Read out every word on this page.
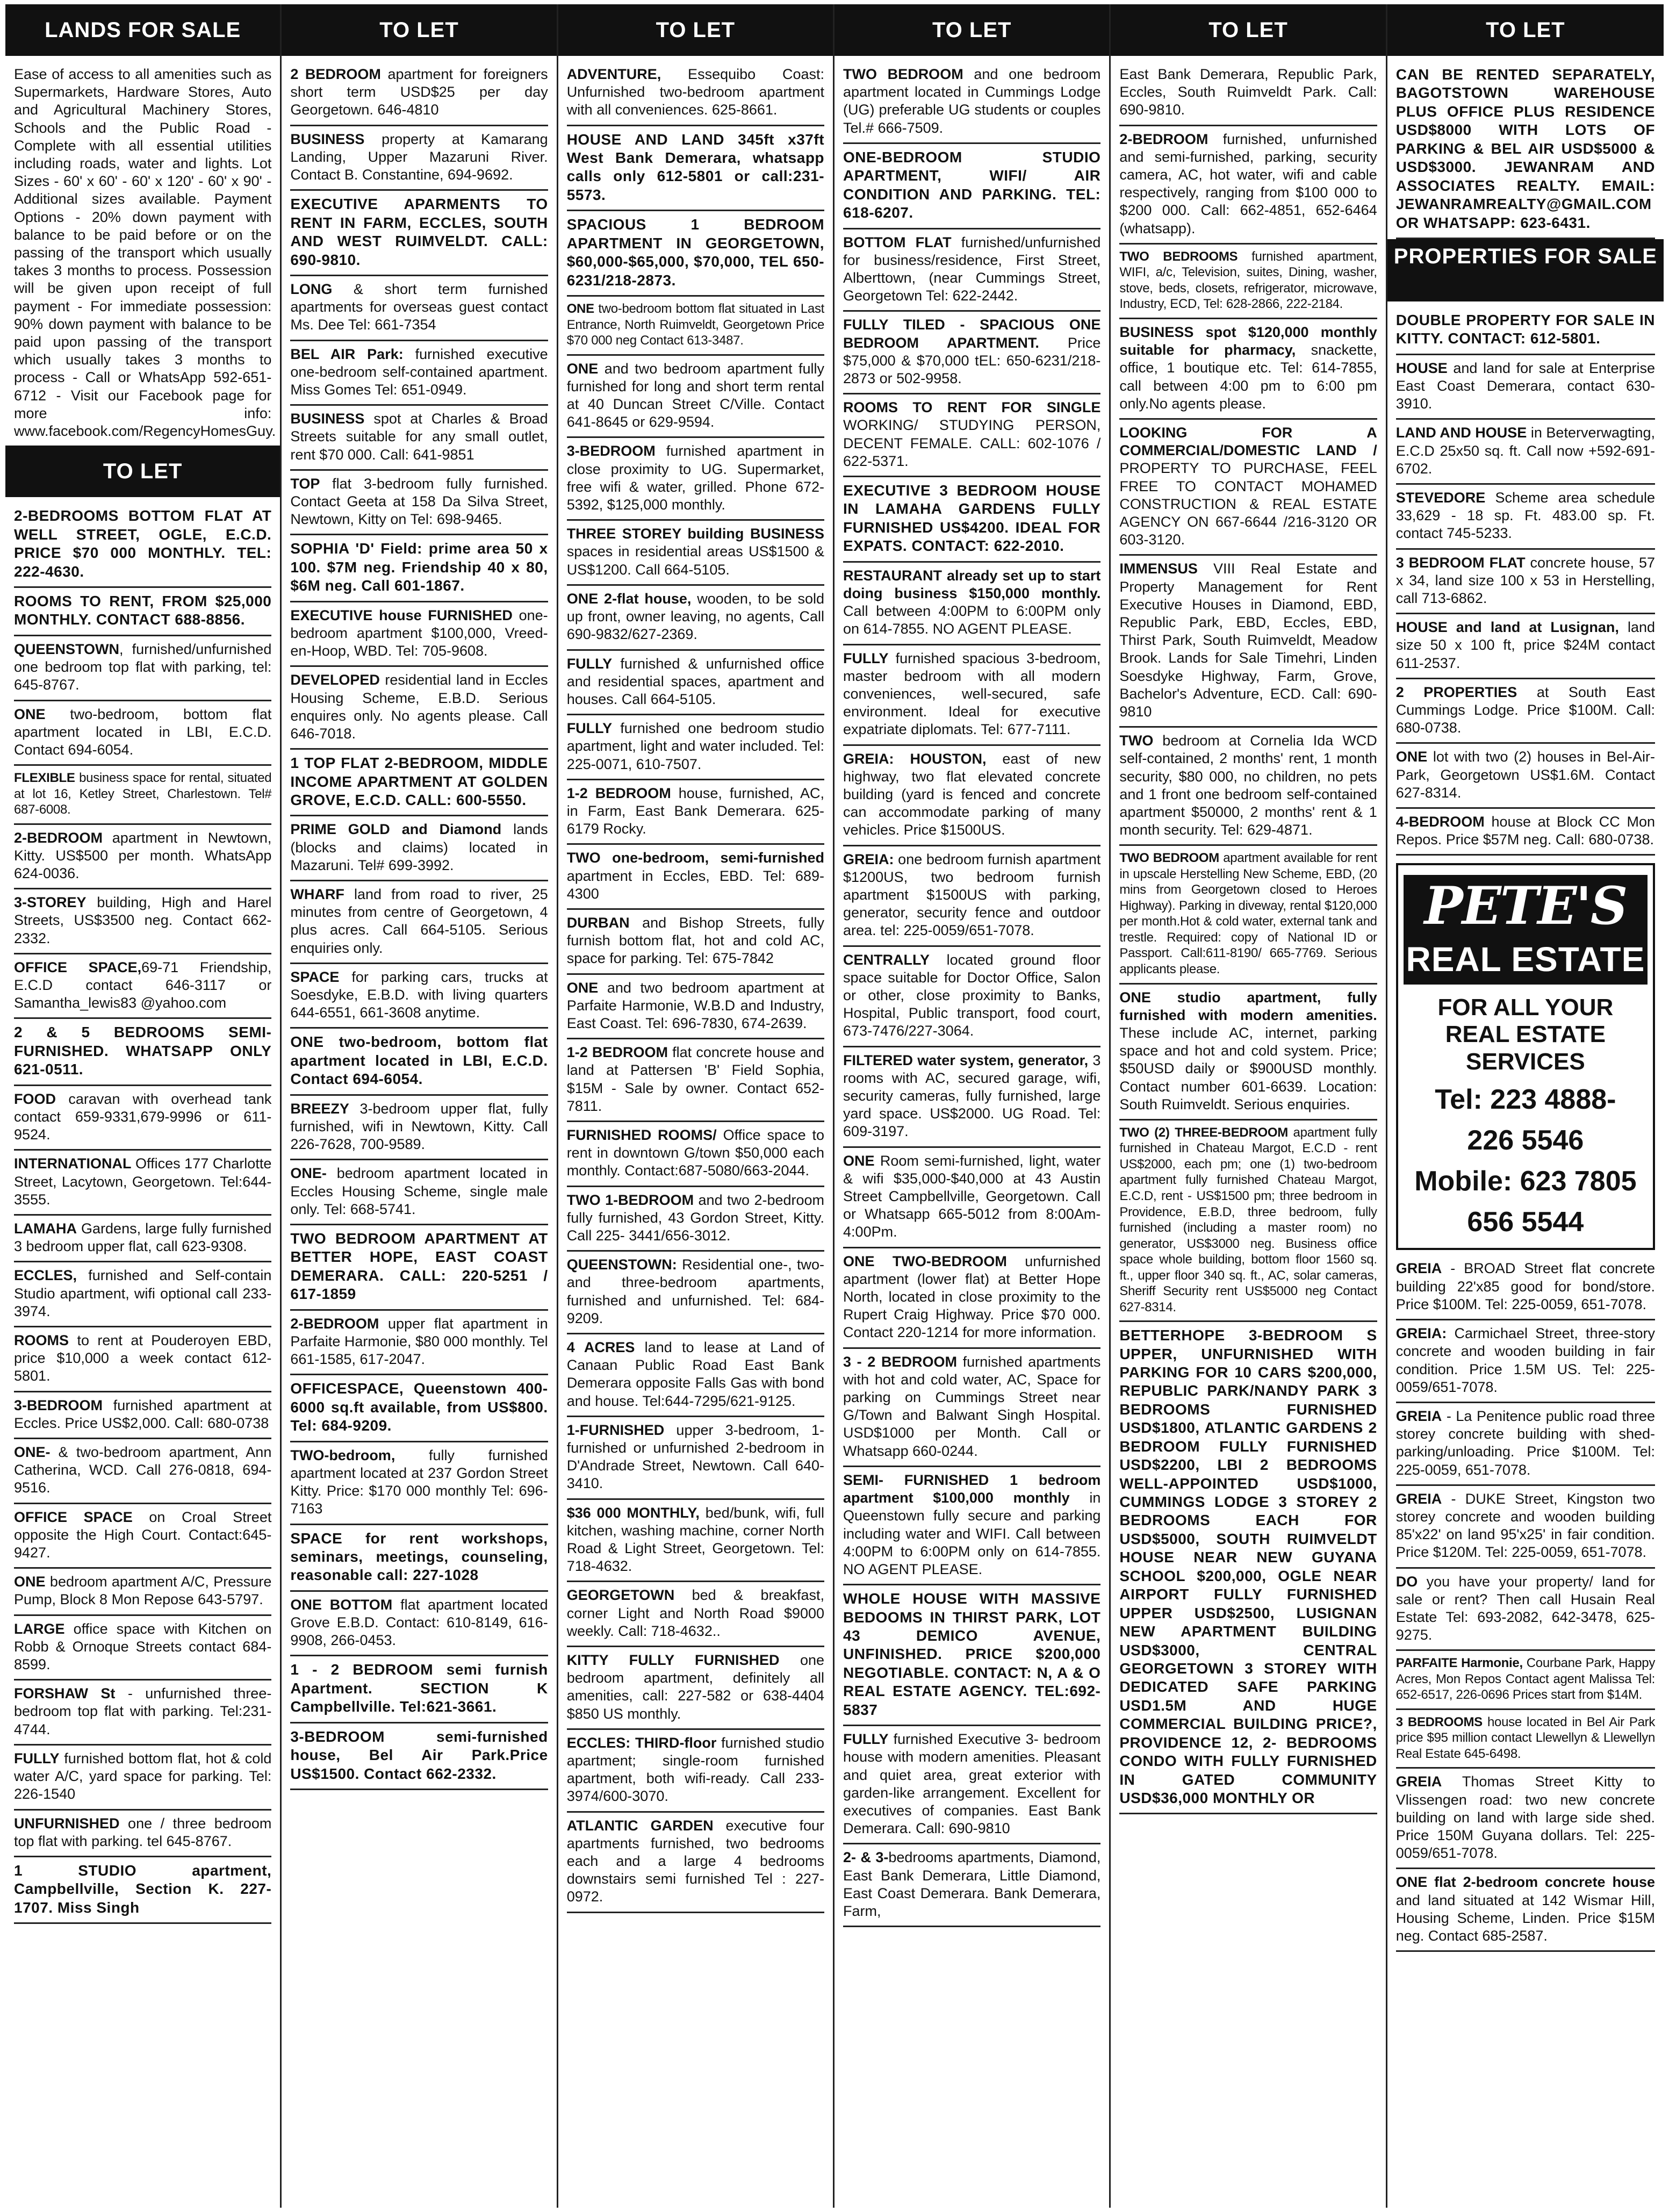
LANDS FOR SALE
Ease of access to all amenities such as Supermarkets, Hardware Stores, Auto and Agricultural Machinery Stores, Schools and the Public Road - Complete with all essential utilities including roads, water and lights. Lot Sizes - 60' x 60' - 60' x 120' - 60' x 90' - Additional sizes available. Payment Options - 20% down payment with balance to be paid before or on the passing of the transport which usually takes 3 months to process. Possession will be given upon receipt of full payment - For immediate possession: 90% down payment with balance to be paid upon passing of the transport which usually takes 3 months to process - Call or WhatsApp 592-651-6712 - Visit our Facebook page for more info: www.facebook.com/RegencyHomesGuy.
TO LET
2-BEDROOMS BOTTOM FLAT AT WELL STREET, OGLE, E.C.D. PRICE $70 000 MONTHLY. TEL: 222-4630.
ROOMS TO RENT, FROM $25,000 MONTHLY. CONTACT 688-8856.
QUEENSTOWN, furnished/unfurnished one bedroom top flat with parking, tel: 645-8767.
ONE two-bedroom, bottom flat apartment located in LBI, E.C.D. Contact 694-6054.
FLEXIBLE business space for rental, situated at lot 16, Ketley Street, Charlestown. Tel# 687-6008.
2-BEDROOM apartment in Newtown, Kitty. US$500 per month. WhatsApp 624-0036.
3-STOREY building, High and Harel Streets, US$3500 neg. Contact 662-2332.
OFFICE SPACE,69-71 Friendship, E.C.D contact 646-3117 or Samantha_lewis83 @yahoo.com
2 & 5 BEDROOMS SEMI-FURNISHED. WHATSAPP ONLY 621-0511.
FOOD caravan with overhead tank contact 659-9331,679-9996 or 611-9524.
INTERNATIONAL Offices 177 Charlotte Street, Lacytown, Georgetown. Tel:644-3555.
LAMAHA Gardens, large fully furnished 3 bedroom upper flat, call 623-9308.
ECCLES, furnished and Self-contain Studio apartment, wifi optional call 233-3974.
ROOMS to rent at Pouderoyen EBD, price $10,000 a week contact 612-5801.
3-BEDROOM furnished apartment at Eccles. Price US$2,000. Call: 680-0738
ONE- & two-bedroom apartment, Ann Catherina, WCD. Call 276-0818, 694-9516.
OFFICE SPACE on Croal Street opposite the High Court. Contact:645-9427.
ONE bedroom apartment A/C, Pressure Pump, Block 8 Mon Repose 643-5797.
LARGE office space with Kitchen on Robb & Ornoque Streets contact 684-8599.
FORSHAW St - unfurnished three-bedroom top flat with parking. Tel:231-4744.
FULLY furnished bottom flat, hot & cold water A/C, yard space for parking. Tel: 226-1540
UNFURNISHED one / three bedroom top flat with parking. tel 645-8767.
1 STUDIO apartment, Campbellville, Section K. 227-1707. Miss Singh
TO LET
2 BEDROOM apartment for foreigners short term USD$25 per day Georgetown. 646-4810
BUSINESS property at Kamarang Landing, Upper Mazaruni River. Contact B. Constantine, 694-9692.
EXECUTIVE APARMENTS TO RENT IN FARM, ECCLES, SOUTH AND WEST RUIMVELDT. CALL: 690-9810.
LONG & short term furnished apartments for overseas guest contact Ms. Dee Tel: 661-7354
BEL AIR Park: furnished executive one-bedroom self-contained apartment. Miss Gomes Tel: 651-0949.
BUSINESS spot at Charles & Broad Streets suitable for any small outlet, rent $70 000. Call: 641-9851
TOP flat 3-bedroom fully furnished. Contact Geeta at 158 Da Silva Street, Newtown, Kitty on Tel: 698-9465.
SOPHIA 'D' Field: prime area 50 x 100. $7M neg. Friendship 40 x 80, $6M neg. Call 601-1867.
EXECUTIVE house FURNISHED one-bedroom apartment $100,000, Vreed-en-Hoop, WBD. Tel: 705-9608.
DEVELOPED residential land in Eccles Housing Scheme, E.B.D. Serious enquires only. No agents please. Call 646-7018.
1 TOP FLAT 2-BEDROOM, MIDDLE INCOME APARTMENT AT GOLDEN GROVE, E.C.D. CALL: 600-5550.
PRIME GOLD and Diamond lands (blocks and claims) located in Mazaruni. Tel# 699-3992.
WHARF land from road to river, 25 minutes from centre of Georgetown, 4 plus acres. Call 664-5105. Serious enquiries only.
SPACE for parking cars, trucks at Soesdyke, E.B.D. with living quarters 644-6551, 661-3608 anytime.
ONE two-bedroom, bottom flat apartment located in LBI, E.C.D. Contact 694-6054.
BREEZY 3-bedroom upper flat, fully furnished, wifi in Newtown, Kitty. Call 226-7628, 700-9589.
ONE- bedroom apartment located in Eccles Housing Scheme, single male only. Tel: 668-5741.
TWO BEDROOM APARTMENT AT BETTER HOPE, EAST COAST DEMERARA. CALL: 220-5251 / 617-1859
2-BEDROOM upper flat apartment in Parfaite Harmonie, $80 000 monthly. Tel 661-1585, 617-2047.
OFFICESPACE, Queenstown 400-6000 sq.ft available, from US$800. Tel: 684-9209.
TWO-bedroom, fully furnished apartment located at 237 Gordon Street Kitty. Price: $170 000 monthly Tel: 696-7163
SPACE for rent workshops, seminars, meetings, counseling, reasonable call: 227-1028
ONE BOTTOM flat apartment located Grove E.B.D. Contact: 610-8149, 616-9908, 266-0453.
1 - 2 BEDROOM semi furnish Apartment. SECTION K Campbellville. Tel:621-3661.
3-BEDROOM semi-furnished house, Bel Air Park.Price US$1500. Contact 662-2332.
TO LET
ADVENTURE, Essequibo Coast: Unfurnished two-bedroom apartment with all conveniences. 625-8661.
HOUSE AND LAND 345ft x37ft West Bank Demerara, whatsapp calls only 612-5801 or call:231-5573.
SPACIOUS 1 BEDROOM APARTMENT IN GEORGETOWN, $60,000-$65,000, $70,000, TEL 650-6231/218-2873.
ONE two-bedroom bottom flat situated in Last Entrance, North Ruimveldt, Georgetown Price $70 000 neg Contact 613-3487.
ONE and two bedroom apartment fully furnished for long and short term rental at 40 Duncan Street C/Ville. Contact 641-8645 or 629-9594.
3-BEDROOM furnished apartment in close proximity to UG. Supermarket, free wifi & water, grilled. Phone 672-5392, $125,000 monthly.
THREE STOREY building BUSINESS spaces in residential areas US$1500 & US$1200. Call 664-5105.
ONE 2-flat house, wooden, to be sold up front, owner leaving, no agents, Call 690-9832/627-2369.
FULLY furnished & unfurnished office and residential spaces, apartment and houses. Call 664-5105.
FULLY furnished one bedroom studio apartment, light and water included. Tel: 225-0071, 610-7507.
1-2 BEDROOM house, furnished, AC, in Farm, East Bank Demerara. 625-6179 Rocky.
TWO one-bedroom, semi-furnished apartment in Eccles, EBD. Tel: 689-4300
DURBAN and Bishop Streets, fully furnish bottom flat, hot and cold AC, space for parking. Tel: 675-7842
ONE and two bedroom apartment at Parfaite Harmonie, W.B.D and Industry, East Coast. Tel: 696-7830, 674-2639.
1-2 BEDROOM flat concrete house and land at Pattersen 'B' Field Sophia, $15M - Sale by owner. Contact 652-7811.
FURNISHED ROOMS/ Office space to rent in downtown G/town $50,000 each monthly. Contact:687-5080/663-2044.
TWO 1-BEDROOM and two 2-bedroom fully furnished, 43 Gordon Street, Kitty. Call 225- 3441/656-3012.
QUEENSTOWN: Residential one-, two- and three-bedroom apartments, furnished and unfurnished. Tel: 684-9209.
4 ACRES land to lease at Land of Canaan Public Road East Bank Demerara opposite Falls Gas with bond and house. Tel:644-7295/621-9125.
1-FURNISHED upper 3-bedroom, 1-furnished or unfurnished 2-bedroom in D'Andrade Street, Newtown. Call 640-3410.
$36 000 MONTHLY, bed/bunk, wifi, full kitchen, washing machine, corner North Road & Light Street, Georgetown. Tel: 718-4632.
GEORGETOWN bed & breakfast, corner Light and North Road $9000 weekly. Call: 718-4632..
KITTY FULLY FURNISHED one bedroom apartment, definitely all amenities, call: 227-582 or 638-4404 $850 US monthly.
ECCLES: THIRD-floor furnished studio apartment; single-room furnished apartment, both wifi-ready. Call 233-3974/600-3070.
ATLANTIC GARDEN executive four apartments furnished, two bedrooms each and a large 4 bedrooms downstairs semi furnished Tel : 227-0972.
TO LET
TWO BEDROOM and one bedroom apartment located in Cummings Lodge (UG) preferable UG students or couples Tel.# 666-7509.
ONE-BEDROOM STUDIO APARTMENT, WIFI/ AIR CONDITION AND PARKING. TEL: 618-6207.
BOTTOM FLAT furnished/unfurnished for business/residence, First Street, Alberttown, (near Cummings Street, Georgetown Tel: 622-2442.
FULLY TILED - SPACIOUS ONE BEDROOM APARTMENT. Price $75,000 & $70,000 tEL: 650-6231/218-2873 or 502-9958.
ROOMS TO RENT FOR SINGLE WORKING/ STUDYING PERSON, DECENT FEMALE. CALL: 602-1076 / 622-5371.
EXECUTIVE 3 BEDROOM HOUSE IN LAMAHA GARDENS FULLY FURNISHED US$4200. IDEAL FOR EXPATS. CONTACT: 622-2010.
RESTAURANT already set up to start doing business $150,000 monthly. Call between 4:00PM to 6:00PM only on 614-7855. NO AGENT PLEASE.
FULLY furnished spacious 3-bedroom, master bedroom with all modern conveniences, well-secured, safe environment. Ideal for executive expatriate diplomats. Tel: 677-7111.
GREIA: HOUSTON, east of new highway, two flat elevated concrete building (yard is fenced and concrete can accommodate parking of many vehicles. Price $1500US.
GREIA: one bedroom furnish apartment $1200US, two bedroom furnish apartment $1500US with parking, generator, security fence and outdoor area. tel: 225-0059/651-7078.
CENTRALLY located ground floor space suitable for Doctor Office, Salon or other, close proximity to Banks, Hospital, Public transport, food court, 673-7476/227-3064.
FILTERED water system, generator, 3 rooms with AC, secured garage, wifi, security cameras, fully furnished, large yard space. US$2000. UG Road. Tel: 609-3197.
ONE Room semi-furnished, light, water & wifi $35,000-$40,000 at 43 Austin Street Campbellville, Georgetown. Call or Whatsapp 665-5012 from 8:00Am-4:00Pm.
ONE TWO-BEDROOM unfurnished apartment (lower flat) at Better Hope North, located in close proximity to the Rupert Craig Highway. Price $70 000. Contact 220-1214 for more information.
3 - 2 BEDROOM furnished apartments with hot and cold water, AC, Space for parking on Cummings Street near G/Town and Balwant Singh Hospital. USD$1000 per Month. Call or Whatsapp 660-0244.
SEMI- FURNISHED 1 bedroom apartment $100,000 monthly in Queenstown fully secure and parking including water and WIFI. Call between 4:00PM to 6:00PM only on 614-7855. NO AGENT PLEASE.
WHOLE HOUSE WITH MASSIVE BEDOOMS IN THIRST PARK, LOT 43 DEMICO AVENUE, UNFINISHED. PRICE $200,000 NEGOTIABLE. CONTACT: N, A & O REAL ESTATE AGENCY. TEL:692-5837
FULLY furnished Executive 3- bedroom house with modern amenities. Pleasant and quiet area, great exterior with garden-like arrangement. Excellent for executives of companies. East Bank Demerara. Call: 690-9810
2- & 3-bedrooms apartments, Diamond, East Bank Demerara, Little Diamond, East Coast Demerara. Bank Demerara, Farm,
TO LET
East Bank Demerara, Republic Park, Eccles, South Ruimveldt Park. Call: 690-9810.
2-BEDROOM furnished, unfurnished and semi-furnished, parking, security camera, AC, hot water, wifi and cable respectively, ranging from $100 000 to $200 000. Call: 662-4851, 652-6464 (whatsapp).
TWO BEDROOMS furnished apartment, WIFI, a/c, Television, suites, Dining, washer, stove, beds, closets, refrigerator, microwave, Industry, ECD, Tel: 628-2866, 222-2184.
BUSINESS spot $120,000 monthly suitable for pharmacy, snackette, office, 1 boutique etc. Tel: 614-7855, call between 4:00 pm to 6:00 pm only.No agents please.
LOOKING FOR A COMMERCIAL/DOMESTIC LAND / PROPERTY TO PURCHASE, FEEL FREE TO CONTACT MOHAMED CONSTRUCTION & REAL ESTATE AGENCY ON 667-6644 /216-3120 OR 603-3120.
IMMENSUS VIII Real Estate and Property Management for Rent Executive Houses in Diamond, EBD, Republic Park, EBD, Eccles, EBD, Thirst Park, South Ruimveldt, Meadow Brook. Lands for Sale Timehri, Linden Soesdyke Highway, Farm, Grove, Bachelor's Adventure, ECD. Call: 690-9810
TWO bedroom at Cornelia Ida WCD self-contained, 2 months' rent, 1 month security, $80 000, no children, no pets and 1 front one bedroom self-contained apartment $50000, 2 months' rent & 1 month security. Tel: 629-4871.
TWO BEDROOM apartment available for rent in upscale Herstelling New Scheme, EBD, (20 mins from Georgetown closed to Heroes Highway). Parking in diveway, rental $120,000 per month.Hot & cold water, external tank and trestle. Required: copy of National ID or Passport. Call:611-8190/ 665-7769. Serious applicants please.
ONE studio apartment, fully furnished with modern amenities. These include AC, internet, parking space and hot and cold system. Price; $50USD daily or $900USD monthly. Contact number 601-6639. Location: South Ruimveldt. Serious enquiries.
TWO (2) THREE-BEDROOM apartment fully furnished in Chateau Margot, E.C.D - rent US$2000, each pm; one (1) two-bedroom apartment fully furnished Chateau Margot, E.C.D, rent - US$1500 pm; three bedroom in Providence, E.B.D, three bedroom, fully furnished (including a master room) no generator, US$3000 neg. Business office space whole building, bottom floor 1560 sq. ft., upper floor 340 sq. ft., AC, solar cameras, Sheriff Security rent US$5000 neg Contact 627-8314.
BETTERHOPE 3-BEDROOM S UPPER, UNFURNISHED WITH PARKING FOR 10 CARS $200,000, REPUBLIC PARK/NANDY PARK 3 BEDROOMS FURNISHED USD$1800, ATLANTIC GARDENS 2 BEDROOM FULLY FURNISHED USD$2200, LBI 2 BEDROOMS WELL-APPOINTED USD$1000, CUMMINGS LODGE 3 STOREY 2 BEDROOMS EACH FOR USD$5000, SOUTH RUIMVELDT HOUSE NEAR NEW GUYANA SCHOOL $200,000, OGLE NEAR AIRPORT FULLY FURNISHED UPPER USD$2500, LUSIGNAN NEW APARTMENT BUILDING USD$3000, CENTRAL GEORGETOWN 3 STOREY WITH DEDICATED SAFE PARKING USD1.5M AND HUGE COMMERCIAL BUILDING PRICE?, PROVIDENCE 12, 2- BEDROOMS CONDO WITH FULLY FURNISHED IN GATED COMMUNITY USD$36,000 MONTHLY OR
TO LET
CAN BE RENTED SEPARATELY, BAGOTSTOWN WAREHOUSE PLUS OFFICE PLUS RESIDENCE USD$8000 WITH LOTS OF PARKING & BEL AIR USD$5000 & USD$3000. JEWANRAM AND ASSOCIATES REALTY. EMAIL: JEWANRAMREALTY@GMAIL.COM OR WHATSAPP: 623-6431.
PROPERTIES FOR SALE
DOUBLE PROPERTY FOR SALE IN KITTY. CONTACT: 612-5801.
HOUSE and land for sale at Enterprise East Coast Demerara, contact 630-3910.
LAND AND HOUSE in Beterverwagting, E.C.D 25x50 sq. ft. Call now +592-691-6702.
STEVEDORE Scheme area schedule 33,629 - 18 sp. Ft. 483.00 sp. Ft. contact 745-5233.
3 BEDROOM FLAT concrete house, 57 x 34, land size 100 x 53 in Herstelling, call 713-6862.
HOUSE and land at Lusignan, land size 50 x 100 ft, price $24M contact 611-2537.
2 PROPERTIES at South East Cummings Lodge. Price $100M. Call: 680-0738.
ONE lot with two (2) houses in Bel-Air-Park, Georgetown US$1.6M. Contact 627-8314.
4-BEDROOM house at Block CC Mon Repos. Price $57M neg. Call: 680-0738.
PETE'S
REAL ESTATE
FOR ALL YOUR REAL ESTATE SERVICES
Tel: 223 4888-
226 5546
Mobile: 623 7805
656 5544
GREIA - BROAD Street flat concrete building 22'x85 good for bond/store. Price $100M. Tel: 225-0059, 651-7078.
GREIA: Carmichael Street, three-story concrete and wooden building in fair condition. Price 1.5M US. Tel: 225-0059/651-7078.
GREIA - La Penitence public road three storey concrete building with shed-parking/unloading. Price $100M. Tel: 225-0059, 651-7078.
GREIA - DUKE Street, Kingston two storey concrete and wooden building 85'x22' on land 95'x25' in fair condition. Price $120M. Tel: 225-0059, 651-7078.
DO you have your property/ land for sale or rent? Then call Husain Real Estate Tel: 693-2082, 642-3478, 625-9275.
PARFAITE Harmonie, Courbane Park, Happy Acres, Mon Repos Contact agent Malissa Tel: 652-6517, 226-0696 Prices start from $14M.
3 BEDROOMS house located in Bel Air Park price $95 million contact Llewellyn & Llewellyn Real Estate 645-6498.
GREIA Thomas Street Kitty to Vlissengen road: two new concrete building on land with large side shed. Price 150M Guyana dollars. Tel: 225-0059/651-7078.
ONE flat 2-bedroom concrete house and land situated at 142 Wismar Hill, Housing Scheme, Linden. Price $15M neg. Contact 685-2587.
